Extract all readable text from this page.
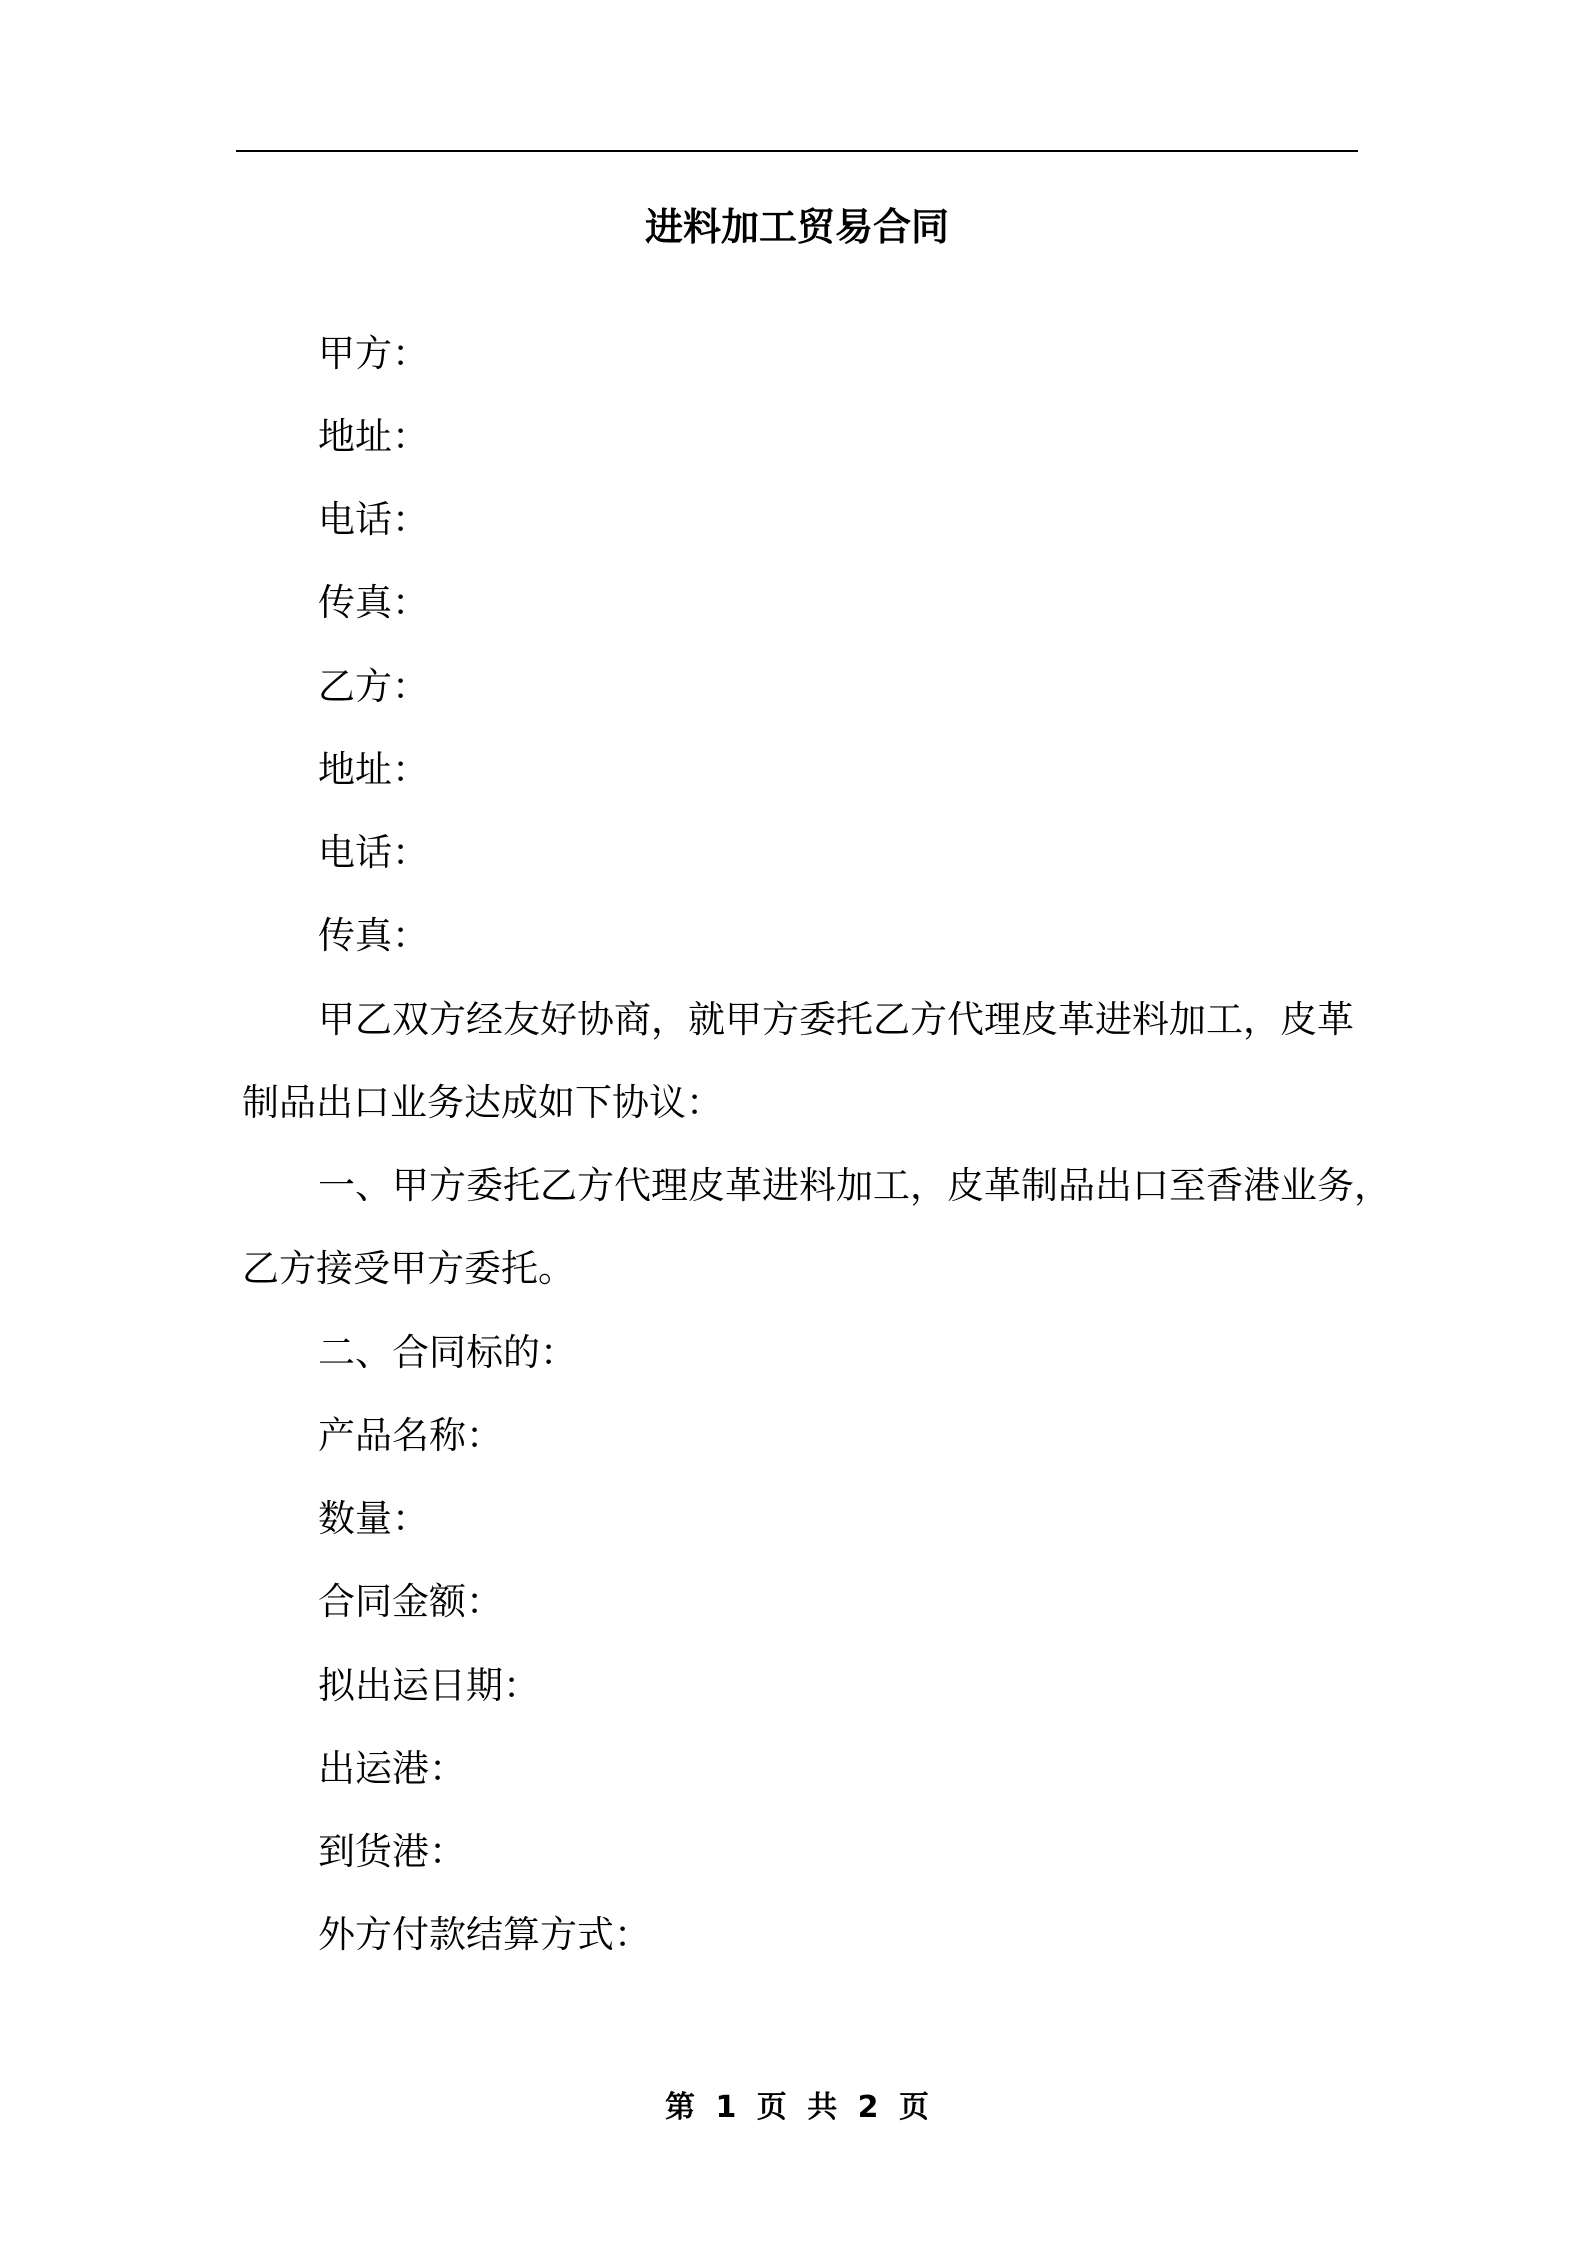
进料加工贸易合同
甲方：
地址：
电话：
传真：
乙方：
地址：
电话：
传真：
甲乙双方经友好协商，就甲方委托乙方代理皮革进料加工，皮革
制品出口业务达成如下协议：
一、甲方委托乙方代理皮革进料加工，皮革制品出口至香港业务，
乙方接受甲方委托。
二、合同标的：
产品名称：
数量：
合同金额：
拟出运日期：
出运港：
到货港：
外方付款结算方式：
第 1 页 共 2 页
